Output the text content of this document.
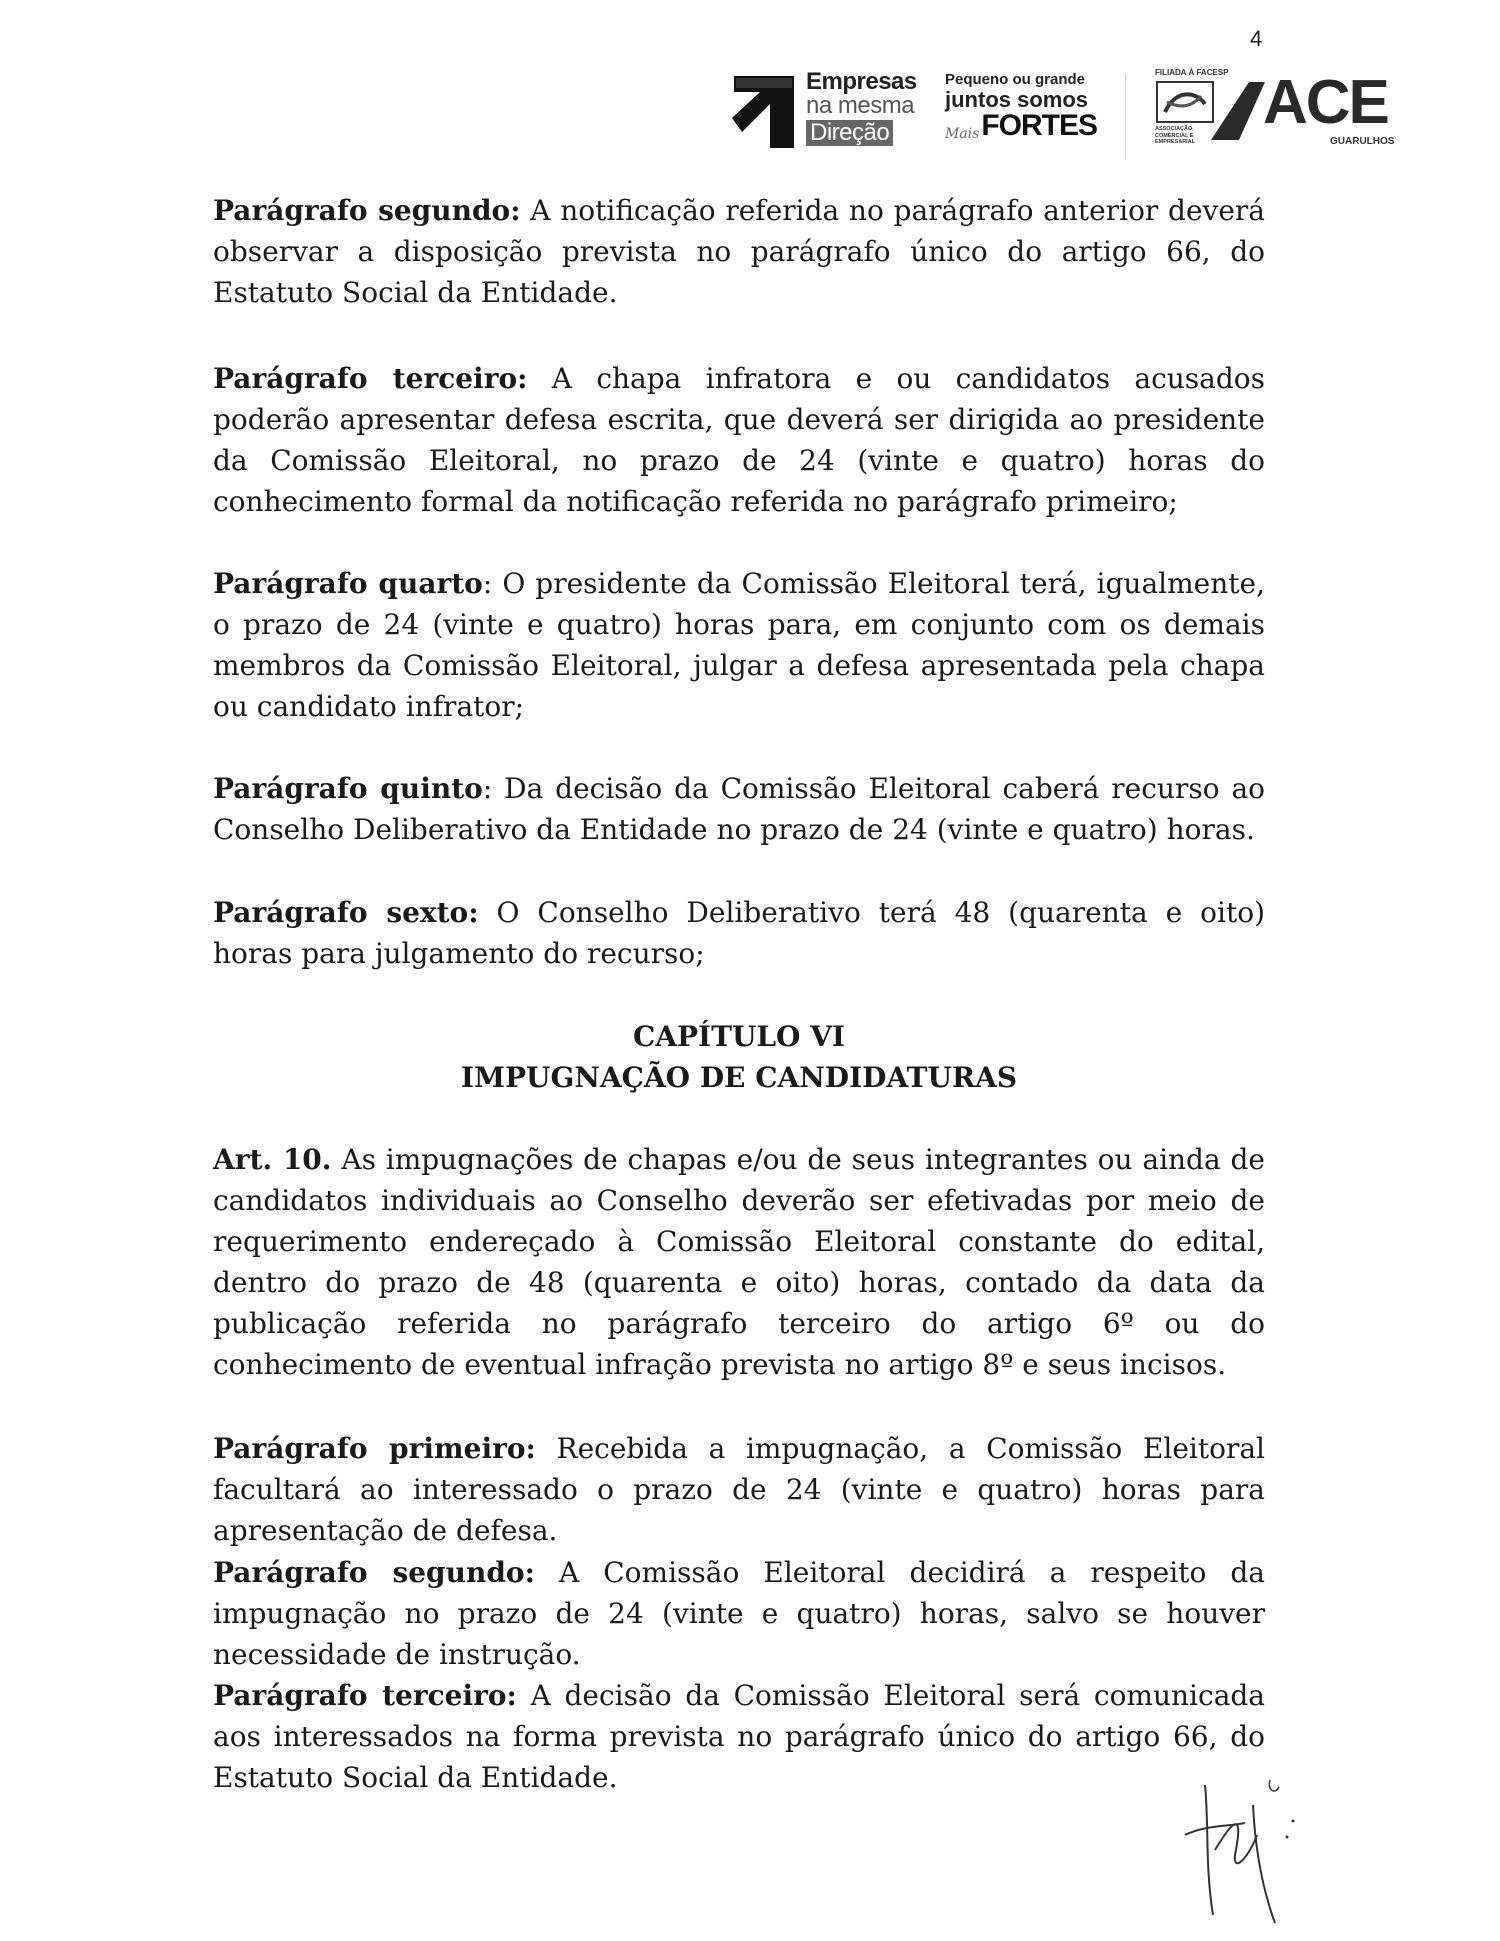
4
Empresas
na mesma
Direção
Pequeno ou grande
juntos somos
Mais FORTES
FILIADA À FACESP
ASSOCIAÇÃO COMERCIAL E EMPRESARIAL
ACE
GUARULHOS

Parágrafo segundo: A notificação referida no parágrafo anterior deverá observar a disposição prevista no parágrafo único do artigo 66, do Estatuto Social da Entidade.

Parágrafo terceiro: A chapa infratora e ou candidatos acusados poderão apresentar defesa escrita, que deverá ser dirigida ao presidente da Comissão Eleitoral, no prazo de 24 (vinte e quatro) horas do conhecimento formal da notificação referida no parágrafo primeiro;

Parágrafo quarto: O presidente da Comissão Eleitoral terá, igualmente, o prazo de 24 (vinte e quatro) horas para, em conjunto com os demais membros da Comissão Eleitoral, julgar a defesa apresentada pela chapa ou candidato infrator;

Parágrafo quinto: Da decisão da Comissão Eleitoral caberá recurso ao Conselho Deliberativo da Entidade no prazo de 24 (vinte e quatro) horas.

Parágrafo sexto: O Conselho Deliberativo terá 48 (quarenta e oito) horas para julgamento do recurso;

CAPÍTULO VI

IMPUGNAÇÃO DE CANDIDATURAS

Art. 10. As impugnações de chapas e/ou de seus integrantes ou ainda de candidatos individuais ao Conselho deverão ser efetivadas por meio de requerimento endereçado à Comissão Eleitoral constante do edital, dentro do prazo de 48 (quarenta e oito) horas, contado da data da publicação referida no parágrafo terceiro do artigo 6º ou do conhecimento de eventual infração prevista no artigo 8º e seus incisos.

Parágrafo primeiro: Recebida a impugnação, a Comissão Eleitoral facultará ao interessado o prazo de 24 (vinte e quatro) horas para apresentação de defesa.

Parágrafo segundo: A Comissão Eleitoral decidirá a respeito da impugnação no prazo de 24 (vinte e quatro) horas, salvo se houver necessidade de instrução.

Parágrafo terceiro: A decisão da Comissão Eleitoral será comunicada aos interessados na forma prevista no parágrafo único do artigo 66, do Estatuto Social da Entidade.
